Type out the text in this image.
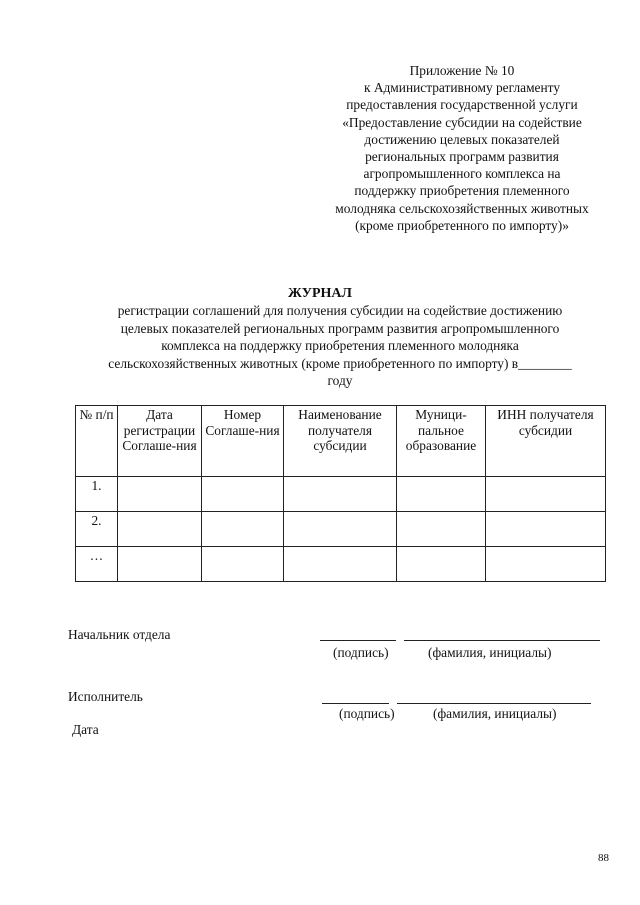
Приложение № 10
к Административному регламенту
предоставления государственной услуги
«Предоставление субсидии на содействие
достижению целевых показателей
региональных программ развития
агропромышленного комплекса на
поддержку приобретения племенного
молодняка сельскохозяйственных животных
(кроме приобретенного по импорту)»
ЖУРНАЛ
регистрации соглашений для получения субсидии на содействие достижению
целевых показателей региональных программ развития агропромышленного
комплекса на поддержку приобретения племенного молодняка
сельскохозяйственных животных (кроме приобретенного по импорту) в________
году
№ п/п	Дата регистрации Соглаше-ния	Номер Соглаше-ния	Наименование получателя субсидии	Муници-пальное образование	ИНН получателя субсидии
1.					
2.					
…					
Начальник отдела
(подпись)	(фамилия, инициалы)
Исполнитель
(подпись)	(фамилия, инициалы)
Дата
88
